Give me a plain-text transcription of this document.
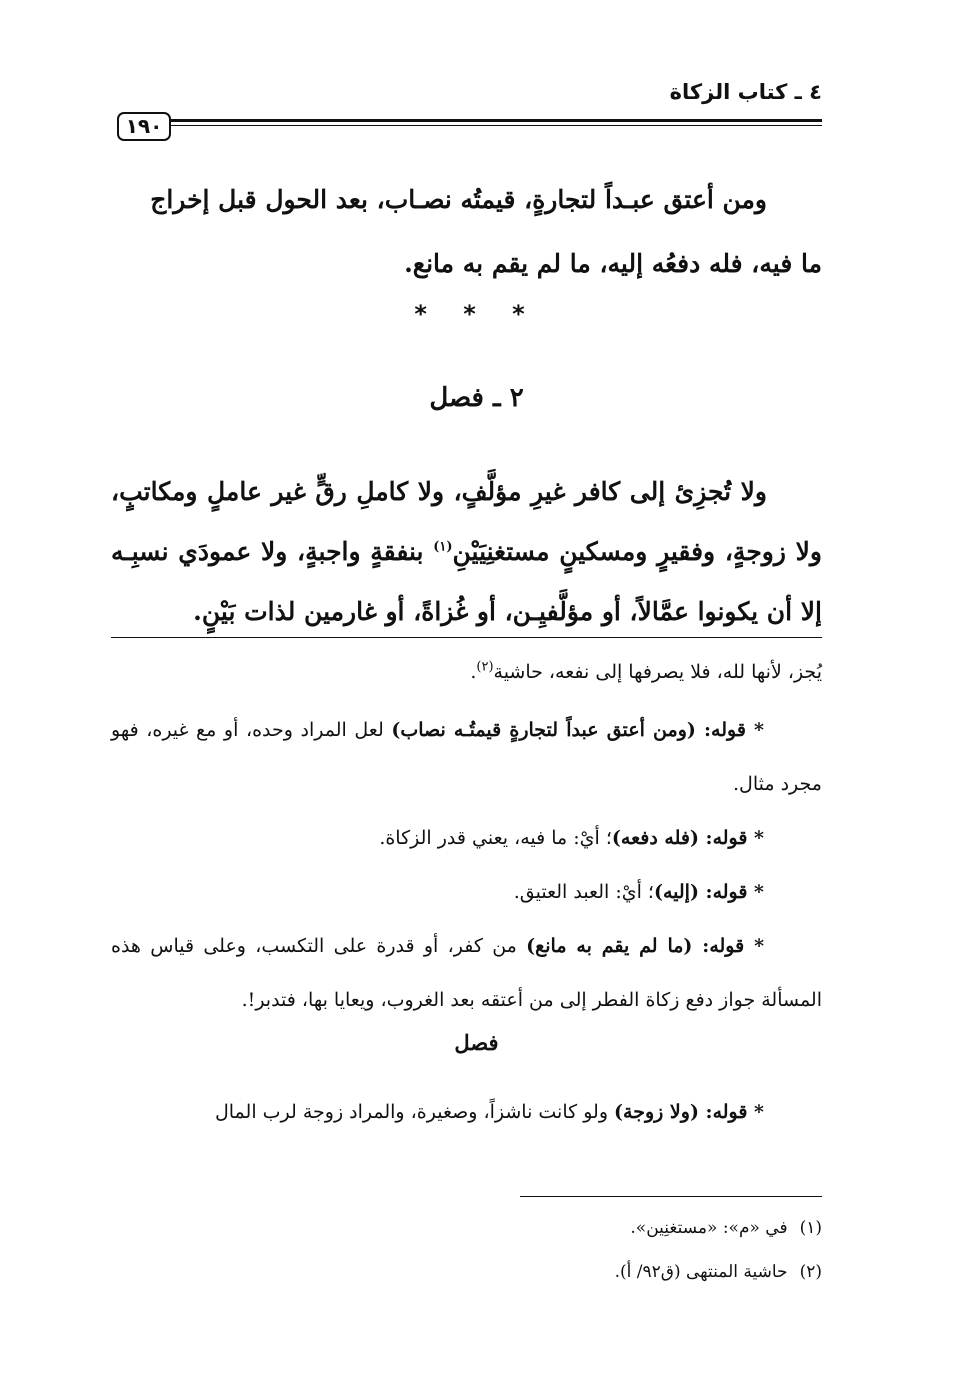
٤ ـ كتاب الزكاة
١٩٠
ومن أعتق عبـداً لتجارةٍ، قيمتُه نصـاب، بعد الحول قبل إخراج
ما فيه، فله دفعُه إليه، ما لم يقم به مانع.
* * *
٢ ـ فصل
ولا تُجزِئ إلى كافر غيرِ مؤلَّفٍ، ولا كاملِ رقٍّ غير عاملٍ ومكاتبٍ، ولا زوجةٍ، وفقيرٍ ومسكينٍ مستغنِيَيْنِ$^{(١)}$ بنفقةٍ واجبةٍ، ولا عمودَي نسبِـه إلا أن يكونوا عمَّالاً، أو مؤلَّفيِـن، أو غُزاةً، أو غارمين لذات بَيْنٍ.
يُجز، لأنها لله، فلا يصرفها إلى نفعه، حاشية$^{(٢)}$.
* قوله: (ومن أعتق عبداً لتجارةٍ قيمتُـه نصاب) لعل المراد وحده، أو مع غيره، فهو مجرد مثال.
* قوله: (فله دفعه)؛ أيْ: ما فيه، يعني قدر الزكاة.
* قوله: (إليه)؛ أيْ: العبد العتيق.
* قوله: (ما لم يقم به مانع) من كفر، أو قدرة على التكسب، وعلى قياس هذه المسألة جواز دفع زكاة الفطر إلى من أعتقه بعد الغروب، ويعايا بها، فتدبر!.
فصل
* قوله: (ولا زوجة) ولو كانت ناشزاً، وصغيرة، والمراد زوجة لرب المال
(١)في «م»: «مستغنِين».
(٢)حاشية المنتهى (ق٩٢/ أ).
